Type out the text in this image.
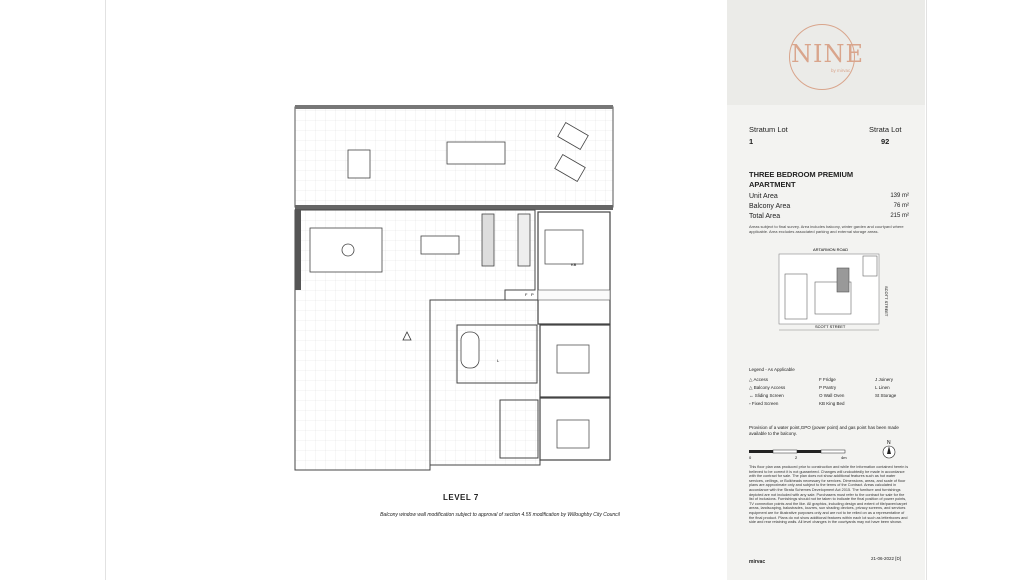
KB
L
F P
LEVEL 7
Balcony window wall modification subject to approval of section 4.55 modification by Willoughby City Council
NINE
by mirvac
Stratum Lot
1
Strata Lot
92
THREE BEDROOM PREMIUM APARTMENT
Unit Area	139 m²
Balcony Area	76 m²
Total Area	215 m²
Areas subject to final survey. Area includes balcony, winter garden and courtyard where applicable. Area excludes associated parking and external storage areas.
ARTARMON ROAD
SCOTT STREET
SCOTT STREET
Legend - As Applicable
△ Access
△ Balcony Access
↔ Sliding Screen
▫ Fixed Screen
F Fridge
P Pantry
O Wall Oven
KB King Bed
J Joinery
L Linen
St Storage
Provision of a water point,GPO (power point) and gas point has been made available to the balcony.
0	2	4m
N
This floor plan was produced prior to construction and while the information contained herein is believed to be correct it is not guaranteed. Changes will undoubtedly be made in accordance with the contract for sale. The plan does not show additional features such as hot water services, ceilings, or Bulkheads necessary for services. Dimensions, areas, and scale of floor plans are approximate only and subject to the terms of the Contract. Areas calculated in accordance with the Strata Schemes Development Act 2015. The furniture and furnishings depicted are not included with any sale. Purchasers must refer to the contract for sale for the list of inclusions. Furnishings should not be taken to indicate the final position of power points, TV connection points and the like. All graphics, including design and extent of tile/paver/carpet areas, landscaping, balustrades, louvres, sun shading devices, privacy screens, and services equipment are for illustrative purposes only and are not to be relied on as a representative of the final product. Plans do not show additional features within each lot such as letterboxes and side and rear retaining walls. All level changes in the courtyards may not have been shown.
mirvac
21-06-2022 [D]
